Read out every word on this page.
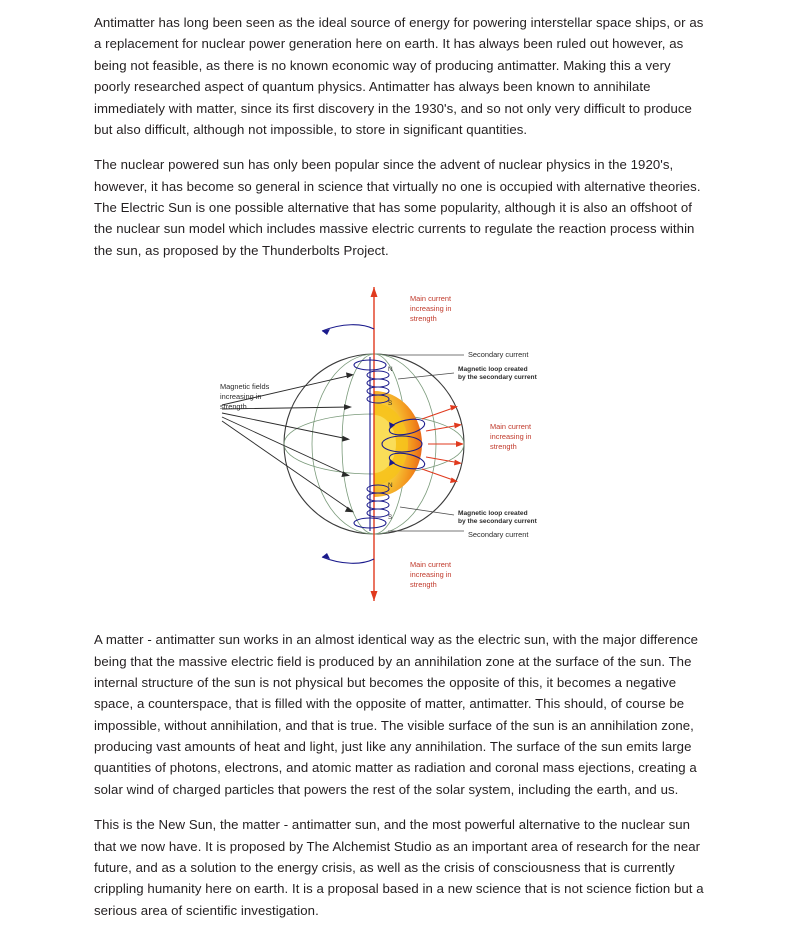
Antimatter has long been seen as the ideal source of energy for powering interstellar space ships, or as a replacement for nuclear power generation here on earth. It has always been ruled out however, as being not feasible, as there is no known economic way of producing antimatter. Making this a very poorly researched aspect of quantum physics. Antimatter has always been known to annihilate immediately with matter, since its first discovery in the 1930's, and so not only very difficult to produce but also difficult, although not impossible, to store in significant quantities.

The nuclear powered sun has only been popular since the advent of nuclear physics in the 1920's, however, it has become so general in science that virtually no one is occupied with alternative theories. The Electric Sun is one possible alternative that has some popularity, although it is also an offshoot of the nuclear sun model which includes massive electric currents to regulate the reaction process within the sun, as proposed by the Thunderbolts Project.

Main current
increasing in
strength
Secondary current
Magnetic loop created
by the secondary current
Magnetic fields
increasing in
strength.
Main current
increasing in
strength
Magnetic loop created
by the secondary current
Secondary current
Main current
increasing in
strength
N
S
N
S

A matter - antimatter sun works in an almost identical way as the electric sun, with the major difference being that the massive electric field is produced by an annihilation zone at the surface of the sun. The internal structure of the sun is not physical but becomes the opposite of this, it becomes a negative space, a counterspace, that is filled with the opposite of matter, antimatter. This should, of course be impossible, without annihilation, and that is true. The visible surface of the sun is an annihilation zone, producing vast amounts of heat and light, just like any annihilation. The surface of the sun emits large quantities of photons, electrons, and atomic matter as radiation and coronal mass ejections, creating a solar wind of charged particles that powers the rest of the solar system, including the earth, and us.

This is the New Sun, the matter - antimatter sun, and the most powerful alternative to the nuclear sun that we now have. It is proposed by The Alchemist Studio as an important area of research for the near future, and as a solution to the energy crisis, as well as the crisis of consciousness that is currently crippling humanity here on earth. It is a proposal based in a new science that is not science fiction but a serious area of scientific investigation.
